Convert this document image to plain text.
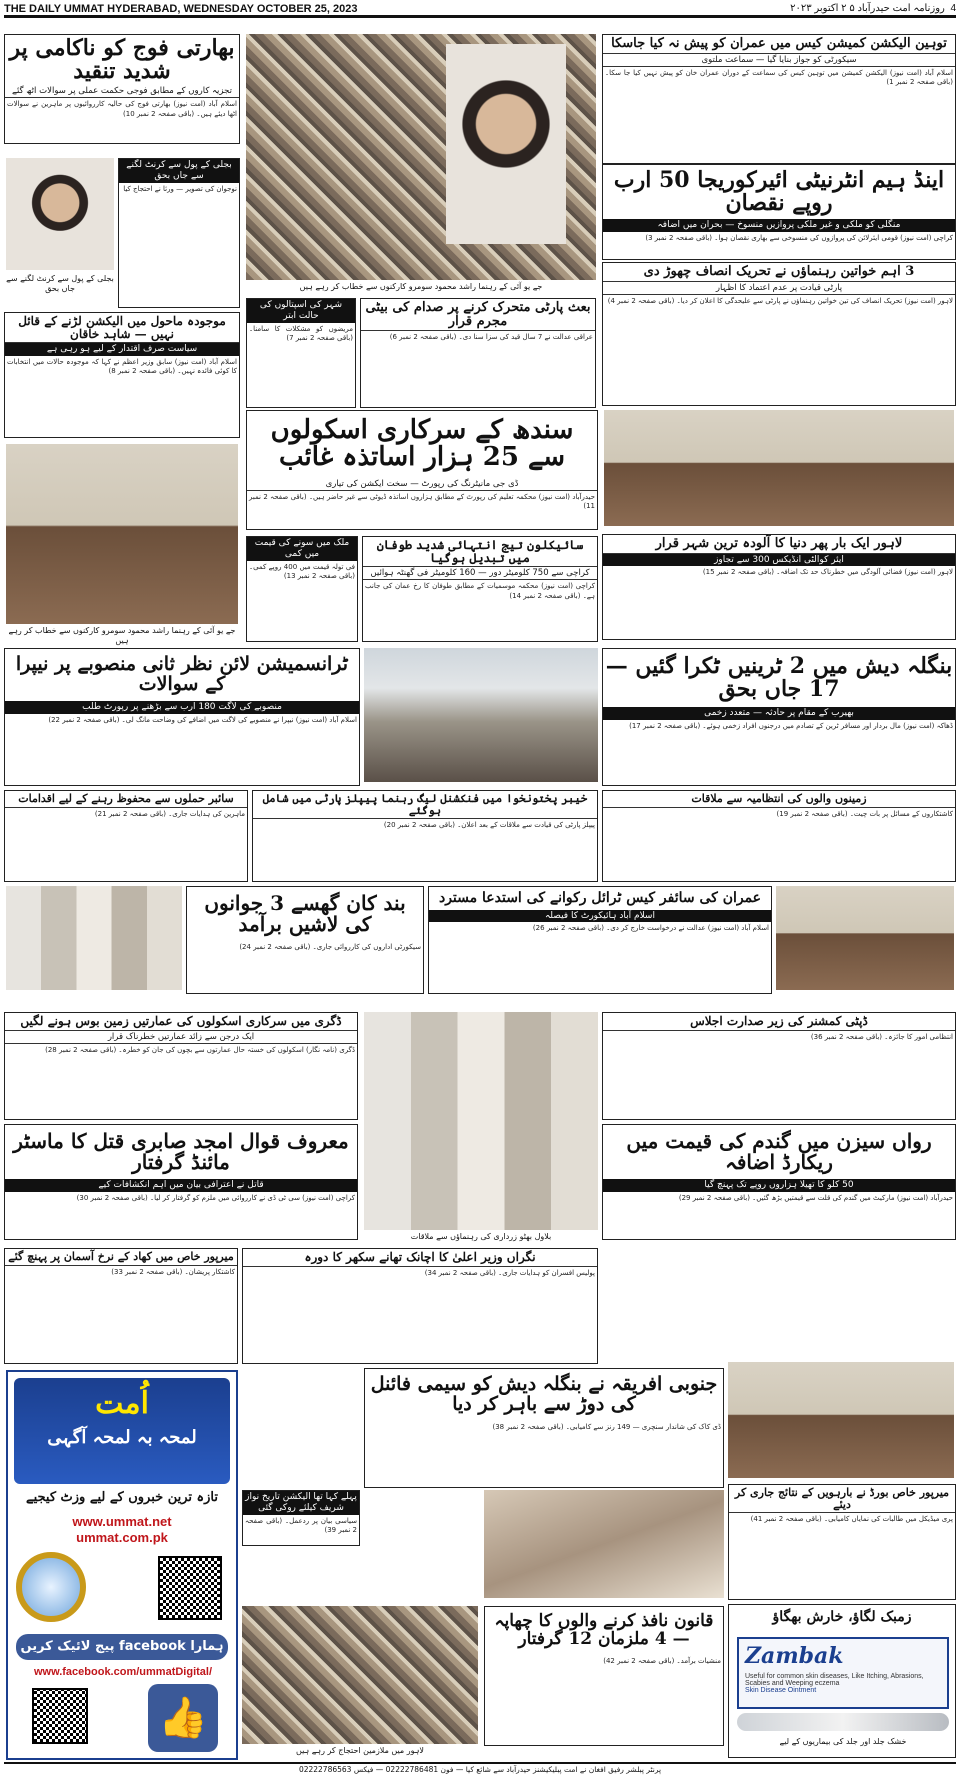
THE DAILY UMMAT HYDERABAD, WEDNESDAY OCTOBER 25, 2023	4  روزنامہ امت حیدرآباد ۵ ۲ اکتوبر ۲۰۲۳
بھارتی فوج کو ناکامی پر شدید تنقید
تجزیہ کاروں کے مطابق فوجی حکمت عملی پر سوالات اٹھ گئے
اسلام آباد (امت نیوز) بھارتی فوج کی حالیہ کارروائیوں پر ماہرین نے سوالات اٹھا دیئے ہیں۔ (باقی صفحہ 2 نمبر 10)
بجلی کے پول سے کرنٹ لگنے سے جاں بحق
نوجوان کی تصویر — ورثا نے احتجاج کیا
بجلی کے پول سے کرنٹ لگنے سے جاں بحق
موجودہ ماحول میں الیکشن لڑنے کے قائل نہیں — شاہد خاقان
سیاست صرف اقتدار کے لیے ہو رہی ہے
اسلام آباد (امت نیوز) سابق وزیر اعظم نے کہا کہ موجودہ حالات میں انتخابات کا کوئی فائدہ نہیں۔ (باقی صفحہ 2 نمبر 8)
جے یو آئی کے رہنما راشد محمود سومرو کارکنوں سے خطاب کر رہے ہیں
جے یو آئی کے رہنما راشد محمود سومرو کارکنوں سے خطاب کر رہے ہیں
شہر کی اسپتالوں کی حالت ابتر
مریضوں کو مشکلات کا سامنا۔ (باقی صفحہ 2 نمبر 7)
بعث پارٹی متحرک کرنے پر صدام کی بیٹی مجرم قرار
عراقی عدالت نے 7 سال قید کی سزا سنا دی۔ (باقی صفحہ 2 نمبر 6)
سندھ کے سرکاری اسکولوں سے 25 ہزار اساتذہ غائب
ڈی جی مانیٹرنگ کی رپورٹ — سخت ایکشن کی تیاری
حیدرآباد (امت نیوز) محکمہ تعلیم کی رپورٹ کے مطابق ہزاروں اساتذہ ڈیوٹی سے غیر حاضر ہیں۔ (باقی صفحہ 2 نمبر 11)
ملک میں سونے کی قیمت میں کمی
فی تولہ قیمت میں 400 روپے کمی۔ (باقی صفحہ 2 نمبر 13)
سائیکلون تیج انتہائی شدید طوفان میں تبدیل ہوگیا
کراچی سے 750 کلومیٹر دور — 160 کلومیٹر فی گھنٹہ ہوائیں
کراچی (امت نیوز) محکمہ موسمیات کے مطابق طوفان کا رخ عمان کی جانب ہے۔ (باقی صفحہ 2 نمبر 14)
توہین الیکشن کمیشن کیس میں عمران کو پیش نہ کیا جاسکا
سیکورٹی کو جواز بنایا گیا — سماعت ملتوی
اسلام آباد (امت نیوز) الیکشن کمیشن میں توہین کیس کی سماعت کے دوران عمران خان کو پیش نہیں کیا جا سکا۔ (باقی صفحہ 2 نمبر 1)
اینڈ ہیم انٹرنیٹی ائیرکوریجا 50 ارب روپے نقصان
منگلی کو ملکی و غیر ملکی پروازیں منسوخ — بحران میں اضافہ
کراچی (امت نیوز) قومی ایئرلائن کی پروازوں کی منسوخی سے بھاری نقصان ہوا۔ (باقی صفحہ 2 نمبر 3)
3 اہم خواتین رہنماؤں نے تحریک انصاف چھوڑ دی
پارٹی قیادت پر عدم اعتماد کا اظہار
لاہور (امت نیوز) تحریک انصاف کی تین خواتین رہنماؤں نے پارٹی سے علیحدگی کا اعلان کر دیا۔ (باقی صفحہ 2 نمبر 4)
لاہور ایک بار پھر دنیا کا آلودہ ترین شہر قرار
ایئر کوالٹی انڈیکس 300 سے تجاوز
لاہور (امت نیوز) فضائی آلودگی میں خطرناک حد تک اضافہ۔ (باقی صفحہ 2 نمبر 15)
ٹرانسمیشن لائن نظر ثانی منصوبے پر نیپرا کے سوالات
منصوبے کی لاگت 180 ارب سے بڑھنے پر رپورٹ طلب
اسلام آباد (امت نیوز) نیپرا نے منصوبے کی لاگت میں اضافے کی وضاحت مانگ لی۔ (باقی صفحہ 2 نمبر 22)
بنگلہ دیش میں 2 ٹرینیں ٹکرا گئیں — 17 جاں بحق
بھیرب کے مقام پر حادثہ — متعدد زخمی
ڈھاکہ (امت نیوز) مال بردار اور مسافر ٹرین کے تصادم میں درجنوں افراد زخمی ہوئے۔ (باقی صفحہ 2 نمبر 17)
سائبر حملوں سے محفوظ رہنے کے لیے اقدامات
ماہرین کی ہدایات جاری۔ (باقی صفحہ 2 نمبر 21)
خیبر پختونخوا میں فنکشنل لیگ رہنما پیپلز پارٹی میں شامل ہوگئے
پیپلز پارٹی کی قیادت سے ملاقات کے بعد اعلان۔ (باقی صفحہ 2 نمبر 20)
زمینوں والوں کی انتظامیہ سے ملاقات
کاشتکاروں کے مسائل پر بات چیت۔ (باقی صفحہ 2 نمبر 19)
بند کان گھسے 3 جوانوں کی لاشیں برآمد
سیکورٹی اداروں کی کارروائی جاری۔ (باقی صفحہ 2 نمبر 24)
عمران کی سائفر کیس ٹرائل رکوانے کی استدعا مسترد
اسلام آباد ہائیکورٹ کا فیصلہ
اسلام آباد (امت نیوز) عدالت نے درخواست خارج کر دی۔ (باقی صفحہ 2 نمبر 26)
ڈگری میں سرکاری اسکولوں کی عمارتیں زمین بوس ہونے لگیں
ایک درجن سے زائد عمارتیں خطرناک قرار
ڈگری (نامہ نگار) اسکولوں کی خستہ حال عمارتوں سے بچوں کی جان کو خطرہ۔ (باقی صفحہ 2 نمبر 28)
بلاول بھٹو زرداری کی رہنماؤں سے ملاقات
ڈپٹی کمشنر کی زیر صدارت اجلاس
انتظامی امور کا جائزہ۔ (باقی صفحہ 2 نمبر 36)
معروف قوال امجد صابری قتل کا ماسٹر مائنڈ گرفتار
قاتل نے اعترافی بیان میں اہم انکشافات کیے
کراچی (امت نیوز) سی ٹی ڈی نے کارروائی میں ملزم کو گرفتار کر لیا۔ (باقی صفحہ 2 نمبر 30)
رواں سیزن میں گندم کی قیمت میں ریکارڈ اضافہ
50 کلو کا تھیلا ہزاروں روپے تک پہنچ گیا
حیدرآباد (امت نیوز) مارکیٹ میں گندم کی قلت سے قیمتیں بڑھ گئیں۔ (باقی صفحہ 2 نمبر 29)
میرپور خاص میں کھاد کے نرخ آسمان پر پہنچ گئے
کاشتکار پریشان۔ (باقی صفحہ 2 نمبر 33)
نگراں وزیر اعلیٰ کا اچانک تھانے سکھر کا دورہ
پولیس افسران کو ہدایات جاری۔ (باقی صفحہ 2 نمبر 34)
جنوبی افریقہ نے بنگلہ دیش کو سیمی فائنل کی دوڑ سے باہر کر دیا
ڈی کاک کی شاندار سنچری — 149 رنز سے کامیابی۔ (باقی صفحہ 2 نمبر 38)
اُمت
لمحہ بہ لمحہ آگہی
تازہ ترین خبروں کے لیے وزٹ کیجیے
www.ummat.net
ummat.com.pk
ہمارا facebook پیج لائیک کریں
www.facebook.com/ummatDigital/
👍
پہلے کہا تھا الیکشن تاریخ نواز شریف کیلئے روکی گئی
سیاسی بیان پر ردعمل۔ (باقی صفحہ 2 نمبر 39)
لاہور میں ملازمین احتجاج کر رہے ہیں
قانون نافذ کرنے والوں کا چھاپہ — 4 ملزمان 12 گرفتار
منشیات برآمد۔ (باقی صفحہ 2 نمبر 42)
میرپور خاص بورڈ نے بارہویں کے نتائج جاری کر دیئے
پری میڈیکل میں طالبات کی نمایاں کامیابی۔ (باقی صفحہ 2 نمبر 41)
زمبک لگاؤ، خارش بھگاؤ
Zambak
Useful for common skin diseases, Like Itching, Abrasions, Scabies and Weeping eczema
Skin Disease Ointment
خشک جلد اور جلد کی بیماریوں کے لیے
پرنٹر پبلشر رفیق افغان نے امت پبلیکیشنز حیدرآباد سے شائع کیا — فون 02222786481 — فیکس 02222786563
